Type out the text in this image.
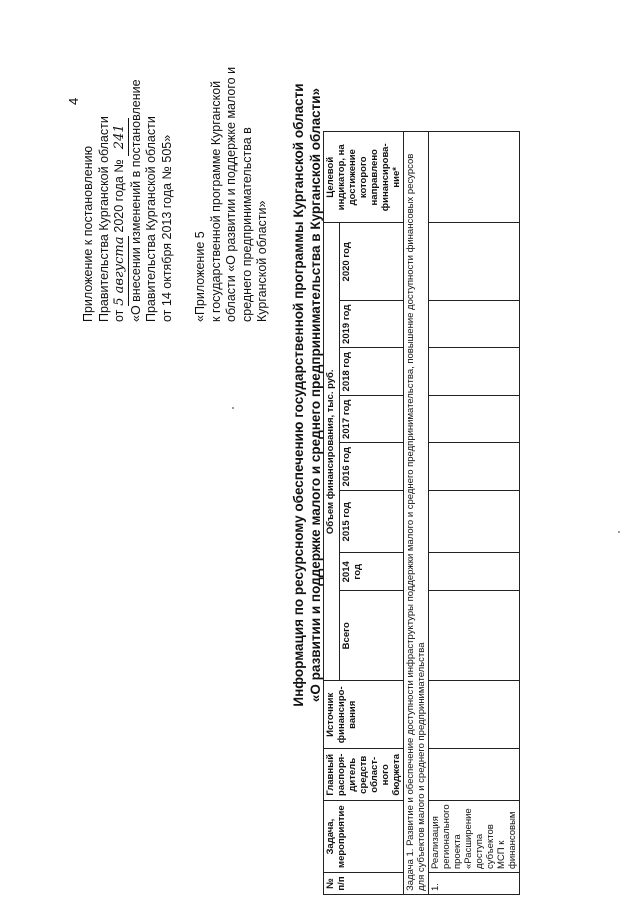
4
Приложение к постановлению Правительства Курганской области от 5 августа 2020 года № 241 «О внесении изменений в постановление Правительства Курганской области от 14 октября 2013 года № 505» «Приложение 5 к государственной программе Курганской области «О развитии и поддержке малого и среднего предпринимательства в Курганской области» Информация по ресурсному обеспечению государственной программы Курганской области «О развитии и поддержке малого и среднего предпринимательства в Курганской области»
№ п/п	Задача, мероприятие	Главный распоря- дитель средств област- ного бюджета	Источник финансиро- вания	Объем финансирования, тыс. руб.								Целевой индикатор, на достижение которого направлено финансирова- ние*
				Всего	2014 год	2015 год	2016 год	2017 год	2018 год	2019 год	2020 год	
Задача 1. Развитие и обеспечение доступности инфраструктуры поддержки малого и среднего предпринимательства, повышение доступности финансовых ресурсов для субъектов малого и среднего предпринимательства												
1.	Реализация регионального проекта «Расширение доступа субъектов МСП к финансовым											
